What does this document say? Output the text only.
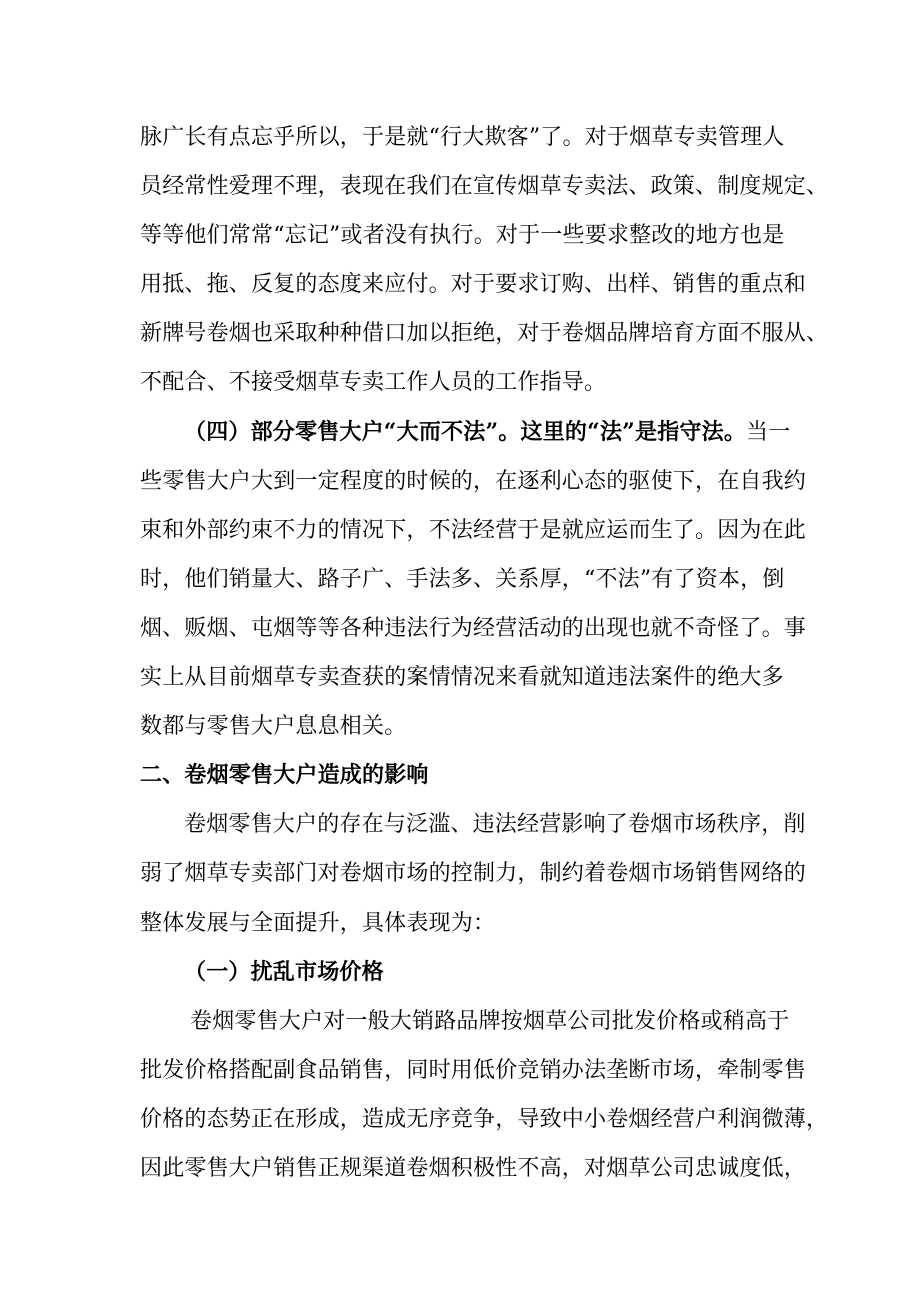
脉广长有点忘乎所以，于是就“行大欺客”了。对于烟草专卖管理人
员经常性爱理不理，表现在我们在宣传烟草专卖法、政策、制度规定、
等等他们常常“忘记”或者没有执行。对于一些要求整改的地方也是
用抵、拖、反复的态度来应付。对于要求订购、出样、销售的重点和
新牌号卷烟也采取种种借口加以拒绝，对于卷烟品牌培育方面不服从、
不配合、不接受烟草专卖工作人员的工作指导。
（四）部分零售大户“大而不法”。这里的“法”是指守法。当一
些零售大户大到一定程度的时候的，在逐利心态的驱使下，在自我约
束和外部约束不力的情况下，不法经营于是就应运而生了。因为在此
时，他们销量大、路子广、手法多、关系厚，“不法”有了资本，倒
烟、贩烟、屯烟等等各种违法行为经营活动的出现也就不奇怪了。事
实上从目前烟草专卖查获的案情情况来看就知道违法案件的绝大多
数都与零售大户息息相关。
二、卷烟零售大户造成的影响
卷烟零售大户的存在与泛滥、违法经营影响了卷烟市场秩序，削
弱了烟草专卖部门对卷烟市场的控制力，制约着卷烟市场销售网络的
整体发展与全面提升，具体表现为：
（一）扰乱市场价格
卷烟零售大户对一般大销路品牌按烟草公司批发价格或稍高于
批发价格搭配副食品销售，同时用低价竞销办法垄断市场，牵制零售
价格的态势正在形成，造成无序竞争，导致中小卷烟经营户利润微薄，
因此零售大户销售正规渠道卷烟积极性不高，对烟草公司忠诚度低，
